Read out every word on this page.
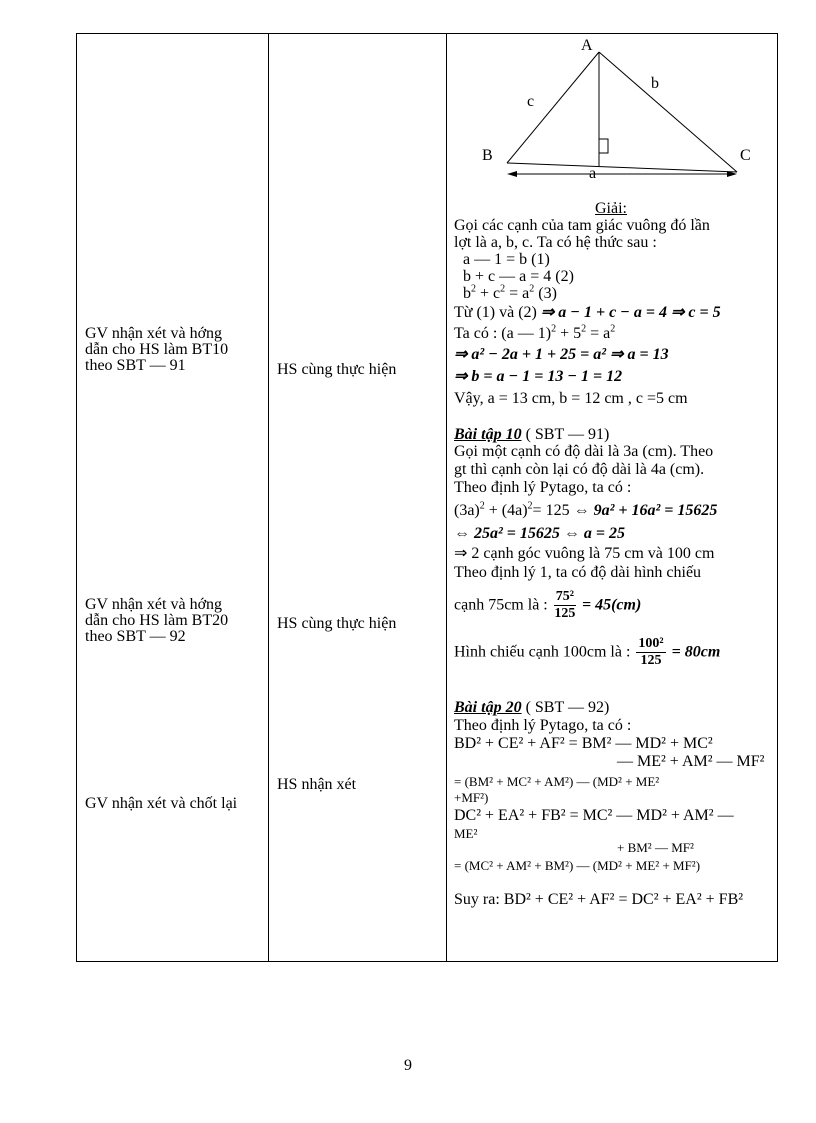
A
B	C
c
b
a
GV nhận xét và hớng
dẫn cho HS làm BT10
theo SBT — 91
GV nhận xét và hớng
dẫn cho HS làm BT20
theo SBT — 92
GV nhận xét và chốt lại
HS cùng thực hiện
HS cùng thực hiện
HS nhận xét
Giải:
Gọi các cạnh của tam giác vuông đó lần
lợt là a, b, c. Ta có hệ thức sau :
a — 1 = b (1)
b + c — a = 4 (2)
$b^2 + c^2 = a^2$ (3)
Từ (1) và (2) ⇒ a − 1 + c − a = 4 ⇒ c = 5
Ta có : (a — $1)^2 + 5^2 = a^2$
⇒ a² − 2a + 1 + 25 = a² ⇒ a = 13
⇒ b = a − 1 = 13 − 1 = 12
Vậy, a = 13 cm, b = 12 cm , c =5 cm
Bài tập 10 ( SBT — 91)
Gọi một cạnh có độ dài là 3a (cm). Theo
gt thì cạnh còn lại có độ dài là 4a (cm).
Theo định lý Pytago, ta có :
$(3a)^2 + (4a)^2= 125$ ⇔ 9a² + 16a² = 15625
⇔ 25a² = 15625 ⇔ a = 25
⇒ 2 cạnh góc vuông là 75 cm và 100 cm
Theo định lý 1, ta có độ dài hình chiếu
cạnh 75cm là : $\frac{\text{75²}}{125} = 45(cm)$
Hình chiếu cạnh 100cm là : $\frac{\text{100²}}{125} = 80cm$
Bài tập 20 ( SBT — 92)
Theo định lý Pytago, ta có :
BD² + CE² + AF² = BM² — MD² + MC²
— ME² + AM² — MF²
= (BM² + MC² + AM²) — (MD² + ME²
+MF²)
DC² + EA² + FB² = MC² — MD² + AM² —
ME²
+ BM² — MF²
= (MC² + AM² + BM²) — (MD² + ME² + MF²)
Suy ra: BD² + CE² + AF² = DC² + EA² + FB²
9
